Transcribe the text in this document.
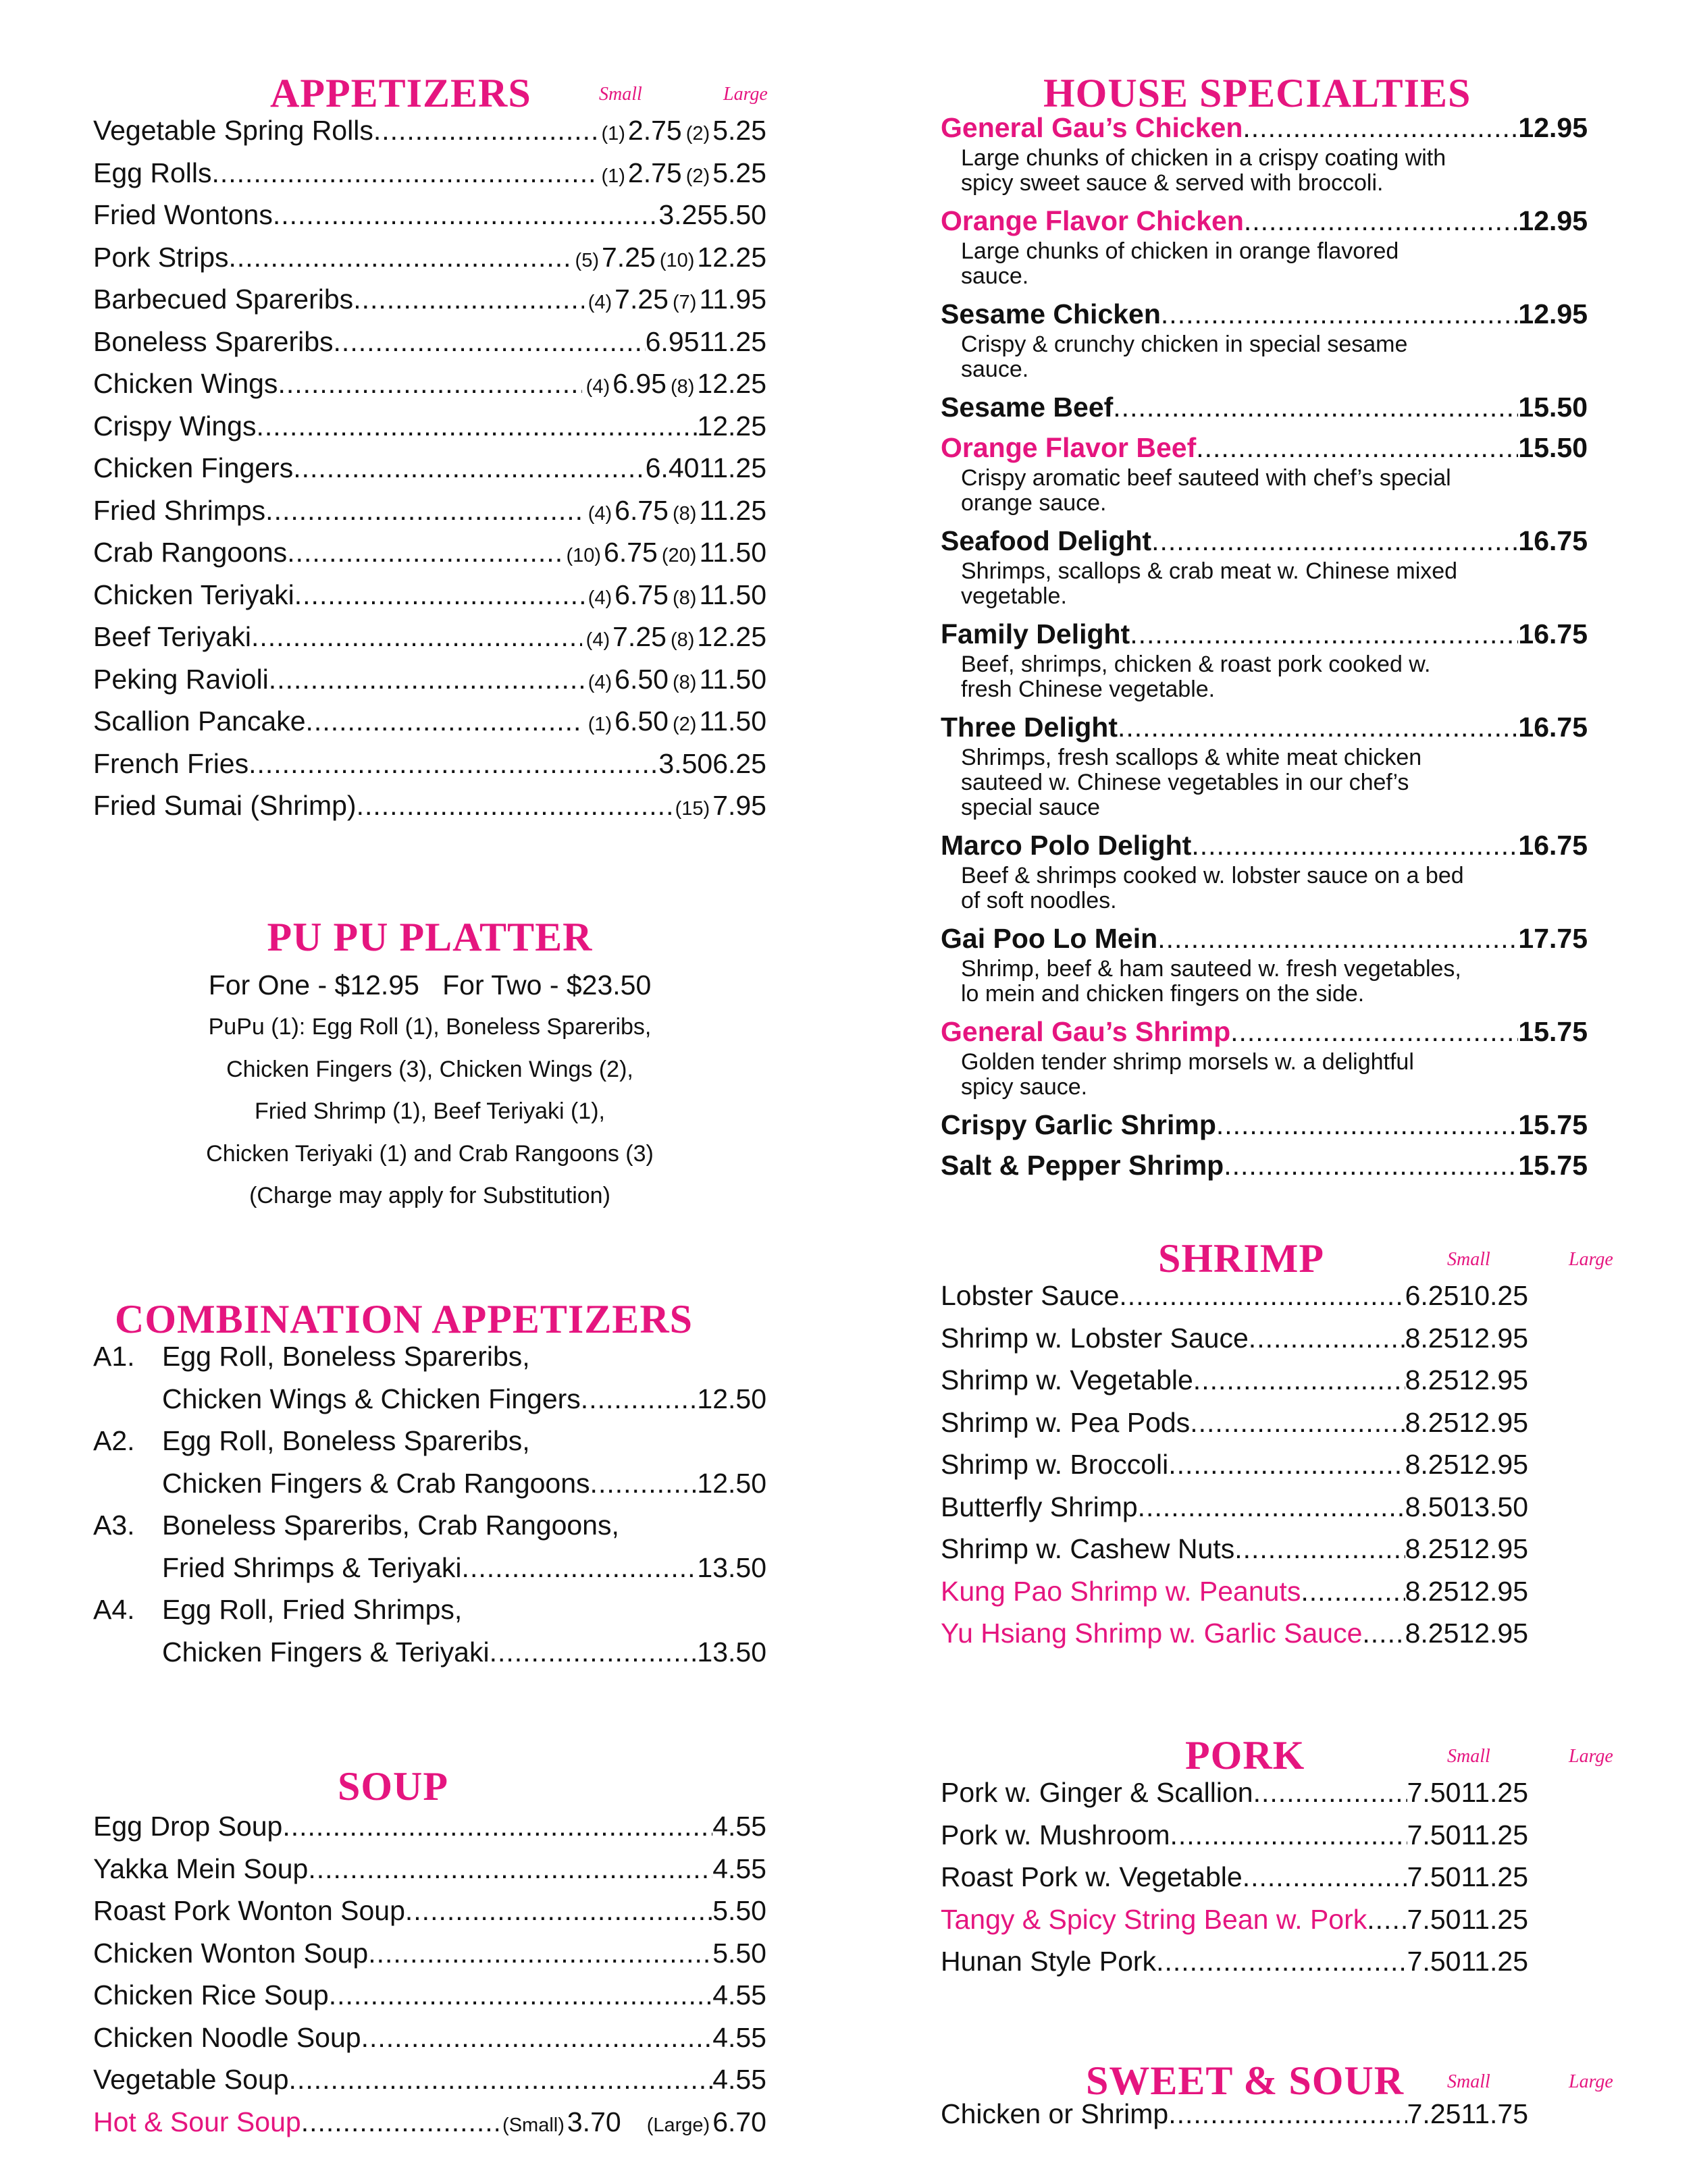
APPETIZERS	Small	Large
Vegetable Spring Rolls .....	(1)2.75 (2)5.25
Egg Rolls .....	(1)2.75 (2)5.25
Fried Wontons .....	3.25 5.50
Pork Strips .....	(5)7.25 (10)12.25
Barbecued Spareribs .....	(4)7.25 (7)11.95
Boneless Spareribs .....	6.95 11.25
Chicken Wings .....	(4)6.95 (8)12.25
Crispy Wings .....	12.25
Chicken Fingers .....	6.40 11.25
Fried Shrimps .....	(4)6.75 (8)11.25
Crab Rangoons .....	(10)6.75 (20)11.50
Chicken Teriyaki .....	(4)6.75 (8)11.50
Beef Teriyaki .....	(4)7.25 (8)12.25
Peking Ravioli .....	(4)6.50 (8)11.50
Scallion Pancake .....	(1)6.50 (2)11.50
French Fries .....	3.50 6.25
Fried Sumai (Shrimp) .....	(15)7.95
PU PU PLATTER
For One - $12.95   For Two - $23.50
PuPu (1): Egg Roll (1), Boneless Spareribs,
Chicken Fingers (3), Chicken Wings (2),
Fried Shrimp (1), Beef Teriyaki (1),
Chicken Teriyaki (1) and Crab Rangoons (3)
(Charge may apply for Substitution)
COMBINATION APPETIZERS
A1. Egg Roll, Boneless Spareribs,
Chicken Wings & Chicken Fingers .....	12.50
A2. Egg Roll, Boneless Spareribs,
Chicken Fingers & Crab Rangoons .....	12.50
A3. Boneless Spareribs, Crab Rangoons,
Fried Shrimps & Teriyaki .....	13.50
A4. Egg Roll, Fried Shrimps,
Chicken Fingers & Teriyaki .....	13.50
SOUP
Egg Drop Soup .....	4.55
Yakka Mein Soup .....	4.55
Roast Pork Wonton Soup .....	5.50
Chicken Wonton Soup .....	5.50
Chicken Rice Soup .....	4.55
Chicken Noodle Soup .....	4.55
Vegetable Soup .....	4.55
Hot & Sour Soup .....	(Small) 3.70 (Large) 6.70
HOUSE SPECIALTIES
General Gau’s Chicken .....	12.95
Large chunks of chicken in a crispy coating with
spicy sweet sauce & served with broccoli.
Orange Flavor Chicken .....	12.95
Large chunks of chicken in orange flavored
sauce.
Sesame Chicken .....	12.95
Crispy & crunchy chicken in special sesame
sauce.
Sesame Beef .....	15.50
Orange Flavor Beef .....	15.50
Crispy aromatic beef sauteed with chef’s special
orange sauce.
Seafood Delight .....	16.75
Shrimps, scallops & crab meat w. Chinese mixed
vegetable.
Family Delight .....	16.75
Beef, shrimps, chicken & roast pork cooked w.
fresh Chinese vegetable.
Three Delight .....	16.75
Shrimps, fresh scallops & white meat chicken
sauteed w. Chinese vegetables in our chef’s
special sauce
Marco Polo Delight .....	16.75
Beef & shrimps cooked w. lobster sauce on a bed
of soft noodles.
Gai Poo Lo Mein .....	17.75
Shrimp, beef & ham sauteed w. fresh vegetables,
lo mein and chicken fingers on the side.
General Gau’s Shrimp .....	15.75
Golden tender shrimp morsels w. a delightful
spicy sauce.
Crispy Garlic Shrimp .....	15.75
Salt & Pepper Shrimp .....	15.75
SHRIMP	Small	Large
Lobster Sauce .....	6.25 10.25
Shrimp w. Lobster Sauce .....	8.25 12.95
Shrimp w. Vegetable .....	8.25 12.95
Shrimp w. Pea Pods .....	8.25 12.95
Shrimp w. Broccoli .....	8.25 12.95
Butterfly Shrimp .....	8.50 13.50
Shrimp w. Cashew Nuts .....	8.25 12.95
Kung Pao Shrimp w. Peanuts .....	8.25 12.95
Yu Hsiang Shrimp w. Garlic Sauce ..... 8.25 12.95
PORK	Small	Large
Pork w. Ginger & Scallion .....	7.50 11.25
Pork w. Mushroom .....	7.50 11.25
Roast Pork w. Vegetable .....	7.50 11.25
Tangy & Spicy String Bean w. Pork ..... 7.50 11.25
Hunan Style Pork .....	7.50 11.25
SWEET & SOUR Small	Large
Chicken or Shrimp .....	7.25 11.75
